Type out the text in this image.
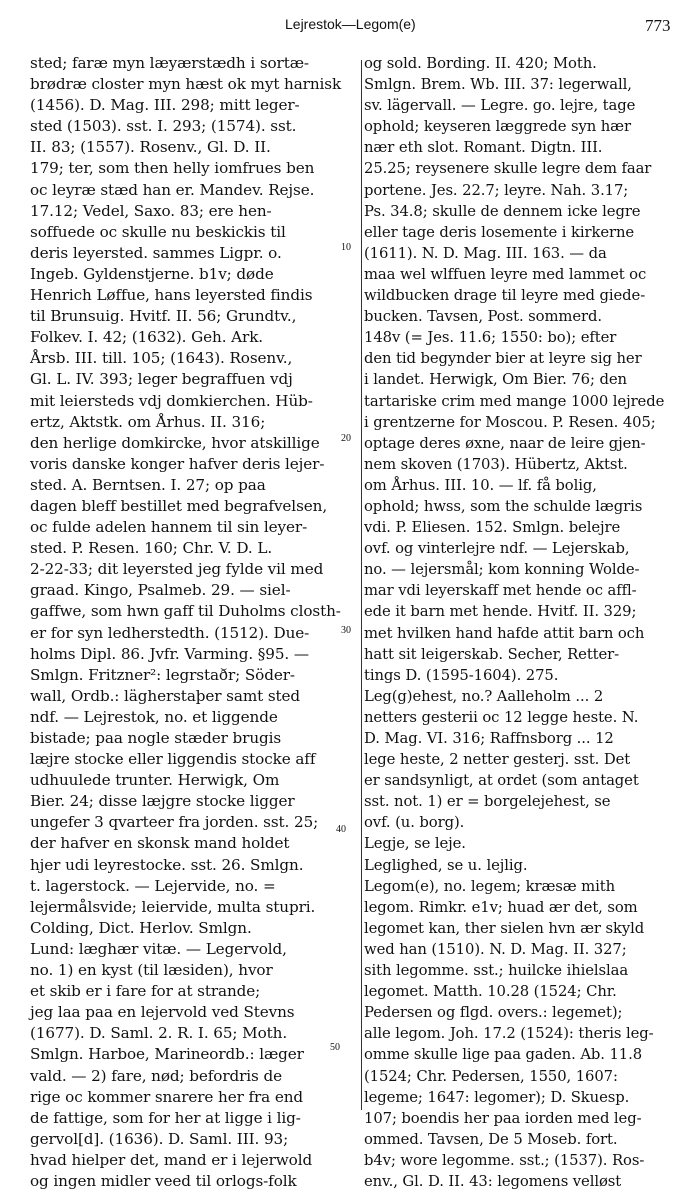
Lejrestok—Legom(e)	773
10
20
30
40
50
sted; faræ myn læyærstædh i sortæ-
brødræ closter myn hæst ok myt harnisk
(1456). D. Mag. III. 298; mitt leger-
sted (1503). sst. I. 293; (1574). sst.
II. 83; (1557). Rosenv., Gl. D. II.
179; ter, som then helly iomfrues ben
oc leyræ stæd han er. Mandev. Rejse.
17.12; Vedel, Saxo. 83; ere hen-
soffuede oc skulle nu beskickis til
deris leyersted. sammes Ligpr. o.
Ingeb. Gyldenstjerne. b1v; døde
Henrich Løffue, hans leyersted findis
til Brunsuig. Hvitf. II. 56; Grundtv.,
Folkev. I. 42; (1632). Geh. Ark.
Årsb. III. till. 105; (1643). Rosenv.,
Gl. L. IV. 393; leger begraffuen vdj
mit leiersteds vdj domkierchen. Hüb-
ertz, Aktstk. om Århus. II. 316;
den herlige domkircke, hvor atskillige
voris danske konger hafver deris lejer-
sted. A. Berntsen. I. 27; op paa
dagen bleff bestillet med begrafvelsen,
oc fulde adelen hannem til sin leyer-
sted. P. Resen. 160; Chr. V. D. L.
2-22-33; dit leyersted jeg fylde vil med
graad. Kingo, Psalmeb. 29. — siel-
gaffwe, som hwn gaff til Duholms closth-
er for syn ledherstedth. (1512). Due-
holms Dipl. 86. Jvfr. Varming. §95. —
Smlgn. Fritzner²: legrstaðr; Söder-
wall, Ordb.: lägherstaþer samt sted
ndf. — Lejrestok, no. et liggende
bistade; paa nogle stæder brugis
læjre stocke eller liggendis stocke aff
udhuulede trunter. Herwigk, Om
Bier. 24; disse læjgre stocke ligger
ungefer 3 qvarteer fra jorden. sst. 25;
der hafver en skonsk mand holdet
hjer udi leyrestocke. sst. 26. Smlgn.
t. lagerstock. — Lejervide, no. =
lejermålsvide; leiervide, multa stupri.
Colding, Dict. Herlov. Smlgn.
Lund: læghær vitæ. — Legervold,
no. 1) en kyst (til læsiden), hvor
et skib er i fare for at strande;
jeg laa paa en lejervold ved Stevns
(1677). D. Saml. 2. R. I. 65; Moth.
Smlgn. Harboe, Marineordb.: læger
vald. — 2) fare, nød; befordris de
rige oc kommer snarere her fra end
de fattige, som for her at ligge i lig-
gervol[d]. (1636). D. Saml. III. 93;
hvad hielper det, mand er i lejerwold
og ingen midler veed til orlogs-folk
og sold. Bording. II. 420; Moth.
Smlgn. Brem. Wb. III. 37: legerwall,
sv. lägervall. — Legre. go. lejre, tage
ophold; keyseren læggrede syn hær
nær eth slot. Romant. Digtn. III.
25.25; reysenere skulle legre dem faar
portene. Jes. 22.7; leyre. Nah. 3.17;
Ps. 34.8; skulle de dennem icke legre
eller tage deris losemente i kirkerne
(1611). N. D. Mag. III. 163. — da
maa wel wlffuen leyre med lammet oc
wildbucken drage til leyre med giede-
bucken. Tavsen, Post. sommerd.
148v (= Jes. 11.6; 1550: bo); efter
den tid begynder bier at leyre sig her
i landet. Herwigk, Om Bier. 76; den
tartariske crim med mange 1000 lejrede
i grentzerne for Moscou. P. Resen. 405;
optage deres øxne, naar de leire gjen-
nem skoven (1703). Hübertz, Aktst.
om Århus. III. 10. — lf. få bolig,
ophold; hwss, som the schulde lægris
vdi. P. Eliesen. 152. Smlgn. belejre
ovf. og vinterlejre ndf. — Lejerskab,
no. — lejersmål; kom konning Wolde-
mar vdi leyerskaff met hende oc affl-
ede it barn met hende. Hvitf. II. 329;
met hvilken hand hafde attit barn och
hatt sit leigerskab. Secher, Retter-
tings D. (1595-1604). 275.
Leg(g)ehest, no.? Aalleholm ... 2
netters gesterii oc 12 legge heste. N.
D. Mag. VI. 316; Raffnsborg ... 12
lege heste, 2 netter gesterj. sst. Det
er sandsynligt, at ordet (som antaget
sst. not. 1) er = borgelejehest, se
ovf. (u. borg).
Legje, se leje.
Leglighed, se u. lejlig.
Legom(e), no. legem; kræsæ mith
legom. Rimkr. e1v; huad ær det, som
legomet kan, ther sielen hvn ær skyld
wed han (1510). N. D. Mag. II. 327;
sith legomme. sst.; huilcke ihielslaa
legomet. Matth. 10.28 (1524; Chr.
Pedersen og flgd. overs.: legemet);
alle legom. Joh. 17.2 (1524): theris leg-
omme skulle lige paa gaden. Ab. 11.8
(1524; Chr. Pedersen, 1550, 1607:
legeme; 1647: legomer); D. Skuesp.
107; boendis her paa iorden med leg-
ommed. Tavsen, De 5 Moseb. fort.
b4v; wore legomme. sst.; (1537). Ros-
env., Gl. D. II. 43: legomens velløst
